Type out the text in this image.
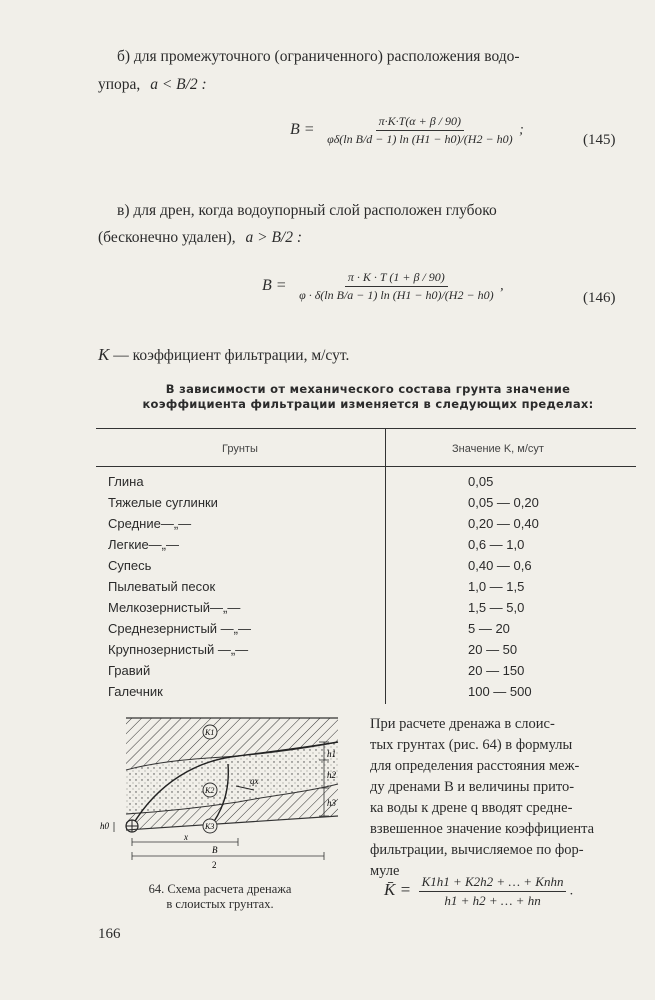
б) для промежуточного (ограниченного) расположения водо-
упора, a < B/2 :
$B = \frac{\pi\cdot K\cdot T(\alpha + \beta / 90)}{\text{φδ(ln B/d − 1) ln (H1 − h0)/(H2 − h0)}}$ ;
(145)
в) для дрен, когда водоупорный слой расположен глубоко
(бесконечно удален), a > B/2 :
$B = \frac{\pi \cdot K \cdot T (1 + \beta / 90)}{\text{φ · δ(ln B/a − 1) ln (H1 − h0)/(H2 − h0)}}$ ,
(146)
K — коэффициент фильтрации, м/сут.
В зависимости от механического состава грунта значение
коэффициента фильтрации изменяется в следующих пределах:
Грунты	Значение K, м/сут
Глина	0,05
Тяжелые суглинки	0,05 — 0,20
Средние—„—	0,20 — 0,40
Легкие—„—	0,6 — 1,0
Супесь	0,40 — 0,6
Пылеватый песок	1,0 — 1,5
Мелкозернистый—„—	1,5 — 5,0
Среднезернистый —„—	5 — 20
Крупнозернистый —„—	20 — 50
Гравий	20 — 150
Галечник	100 — 500
K1
K2
K3
qx
h1
h2
h3
h0
x
B
2
64. Схема расчета дренажа
в слоистых грунтах.
При расчете дренажа в слоис-
тых грунтах (рис. 64) в формулы
для определения расстояния меж-
ду дренами B и величины прито-
ка воды к дрене q вводят средне-
взвешенное значение коэффициента
фильтрации, вычисляемое по фор-
муле
K̄ = $\frac{\text{K1h1 + K2h2 + … + Knhn}}{h1 + h2 + \dots + hn}$ .
166
